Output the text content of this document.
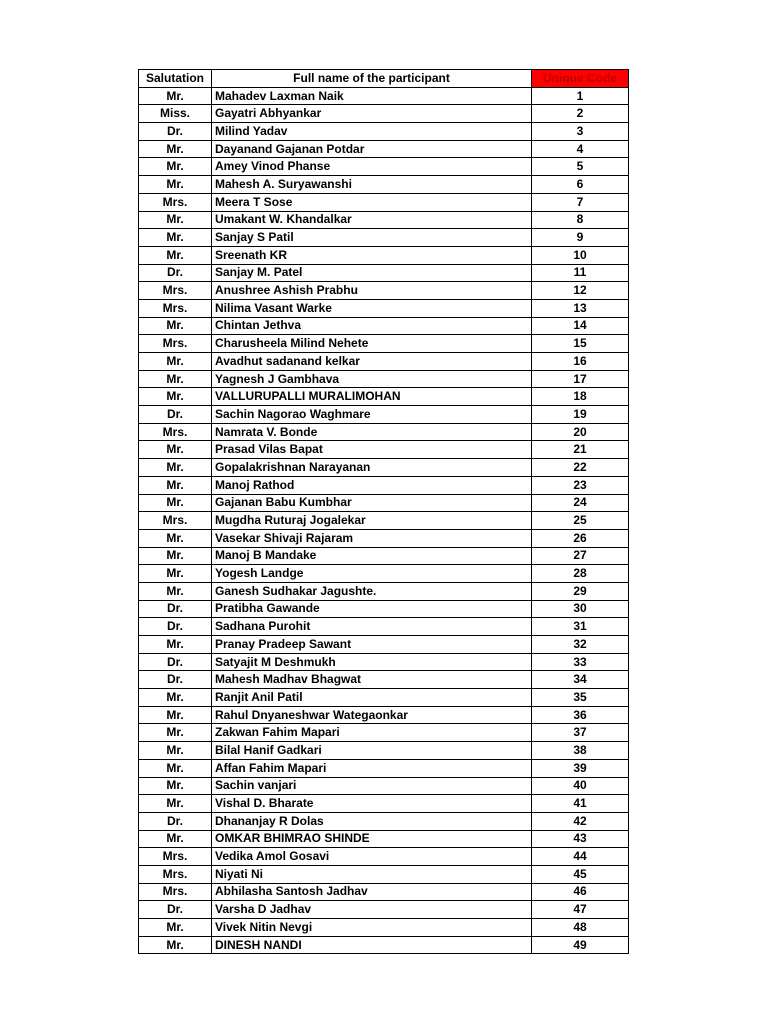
Salutation	Full name of the participant	Unique Code
Mr.	Mahadev Laxman Naik	1
Miss.	Gayatri Abhyankar	2
Dr.	Milind Yadav	3
Mr.	Dayanand Gajanan Potdar	4
Mr.	Amey Vinod Phanse	5
Mr.	Mahesh A. Suryawanshi	6
Mrs.	Meera T Sose	7
Mr.	Umakant W. Khandalkar	8
Mr.	Sanjay S Patil	9
Mr.	Sreenath KR	10
Dr.	Sanjay M. Patel	11
Mrs.	Anushree Ashish Prabhu	12
Mrs.	Nilima Vasant Warke	13
Mr.	Chintan Jethva	14
Mrs.	Charusheela Milind Nehete	15
Mr.	Avadhut sadanand kelkar	16
Mr.	Yagnesh J Gambhava	17
Mr.	VALLURUPALLI MURALIMOHAN	18
Dr.	Sachin Nagorao Waghmare	19
Mrs.	Namrata V. Bonde	20
Mr.	Prasad Vilas Bapat	21
Mr.	Gopalakrishnan Narayanan	22
Mr.	Manoj Rathod	23
Mr.	Gajanan Babu Kumbhar	24
Mrs.	Mugdha Ruturaj Jogalekar	25
Mr.	Vasekar Shivaji Rajaram	26
Mr.	Manoj B Mandake	27
Mr.	Yogesh Landge	28
Mr.	Ganesh Sudhakar Jagushte.	29
Dr.	Pratibha Gawande	30
Dr.	Sadhana Purohit	31
Mr.	Pranay Pradeep Sawant	32
Dr.	Satyajit M Deshmukh	33
Dr.	Mahesh Madhav Bhagwat	34
Mr.	Ranjit Anil Patil	35
Mr.	Rahul Dnyaneshwar Wategaonkar	36
Mr.	Zakwan Fahim Mapari	37
Mr.	Bilal Hanif Gadkari	38
Mr.	Affan Fahim Mapari	39
Mr.	Sachin vanjari	40
Mr.	Vishal D. Bharate	41
Dr.	Dhananjay R Dolas	42
Mr.	OMKAR BHIMRAO SHINDE	43
Mrs.	Vedika Amol Gosavi	44
Mrs.	Niyati Ni	45
Mrs.	Abhilasha Santosh Jadhav	46
Dr.	Varsha D Jadhav	47
Mr.	Vivek Nitin Nevgi	48
Mr.	DINESH NANDI	49
